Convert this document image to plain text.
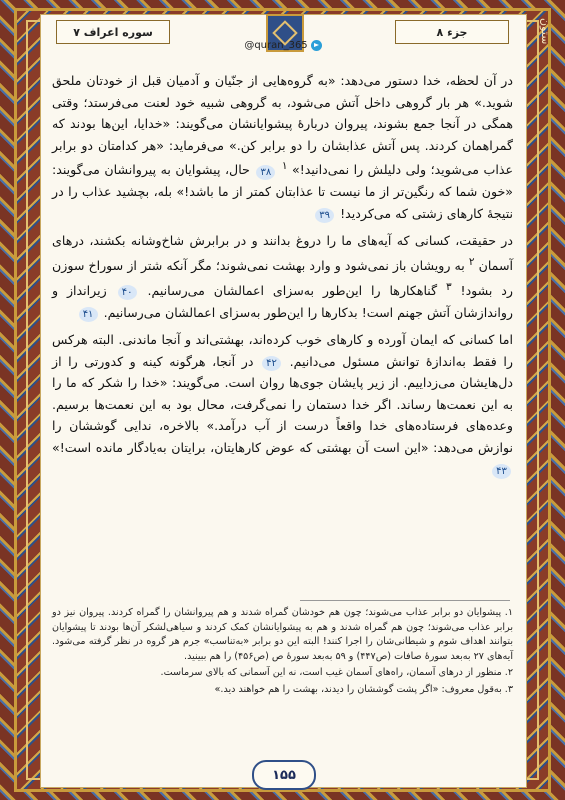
ستون
سوره اعراف ۷	جزء ۸
@quran_365

در آن لحظه، خدا دستور می‌دهد: «به گروه‌هایی از جنّیان و آدمیان قبل از خودتان ملحق شوید.» هر بار گروهی داخل آتش می‌شود، به گروهی شبیه خود لعنت می‌فرستد؛ وقتی همگی در آنجا جمع بشوند، پیروان دربارهٔ پیشوایانشان می‌گویند: «خدایا، این‌ها بودند که گمراهمان کردند. پس آتش عذابشان را دو برابر کن.» می‌فرماید: «هر کدامتان دو برابر عذاب می‌شوید؛ ولی دلیلش را نمی‌دانید!» $^۱$ ۳۸ حال، پیشوایان به پیروانشان می‌گویند: «خون شما که رنگین‌تر از ما نیست تا عذابتان کمتر از ما باشد!» بله، بچشید عذاب را در نتیجهٔ کارهای زشتی که می‌کردید! ۳۹

در حقیقت، کسانی که آیه‌های ما را دروغ بدانند و در برابرش شاخ‌وشانه بکشند، درهای آسمان $^۲$ به رویشان باز نمی‌شود و وارد بهشت نمی‌شوند؛ مگر آنکه شتر از سوراخ سوزن رد بشود! $^۳$ گناهکارها را این‌طور به‌سزای اعمالشان می‌رسانیم. ۴۰ زیرانداز و روانداز‌شان آتش جهنم است! بدکارها را این‌طور به‌سزای اعمالشان می‌رسانیم. ۴۱

اما کسانی که ایمان آورده و کارهای خوب کرده‌اند، بهشتی‌اند و آنجا ماندنی. البته هرکس را فقط به‌اندازهٔ توانش مسئول می‌دانیم. ۴۲ در آنجا، هرگونه کینه و کدورتی را از دل‌هایشان می‌زداییم. از زیر پایشان جوی‌ها روان است. می‌گویند: «خدا را شکر که ما را به این نعمت‌ها رساند. اگر خدا دستمان را نمی‌گرفت، محال بود به این نعمت‌ها برسیم. وعده‌های فرستاده‌های خدا واقعاً درست از آب درآمد.» بالاخره، ندایی گوششان را نوازش می‌دهد: «این است آن بهشتی که عوض کارهایتان، برایتان به‌یادگار مانده است!» ۴۳

۱. پیشوایان دو برابر عذاب می‌شوند؛ چون هم خودشان گمراه شدند و هم پیروانشان را گمراه کردند. پیروان نیز دو برابر عذاب می‌شوند؛ چون هم گمراه شدند و هم به پیشوایانشان کمک کردند و سیاهی‌لشکر آن‌ها بودند تا پیشوایان بتوانند اهداف شوم و شیطانی‌شان را اجرا کنند! البته این دو برابر «به‌تناسب» جرم هر گروه در نظر گرفته می‌شود. آیه‌های ۲۷ به‌بعد سورهٔ صافات (ص۴۴۷) و ۵۹ به‌بعد سورهٔ ص (ص۴۵۶) را هم ببینید.
۲. منظور از درهای آسمان، راه‌های آسمان غیب است، نه این آسمانی که بالای سرماست.
۳. به‌قول معروف: «اگر پشت گوششان را دیدند، بهشت را هم خواهند دید.»
۱۵۵
